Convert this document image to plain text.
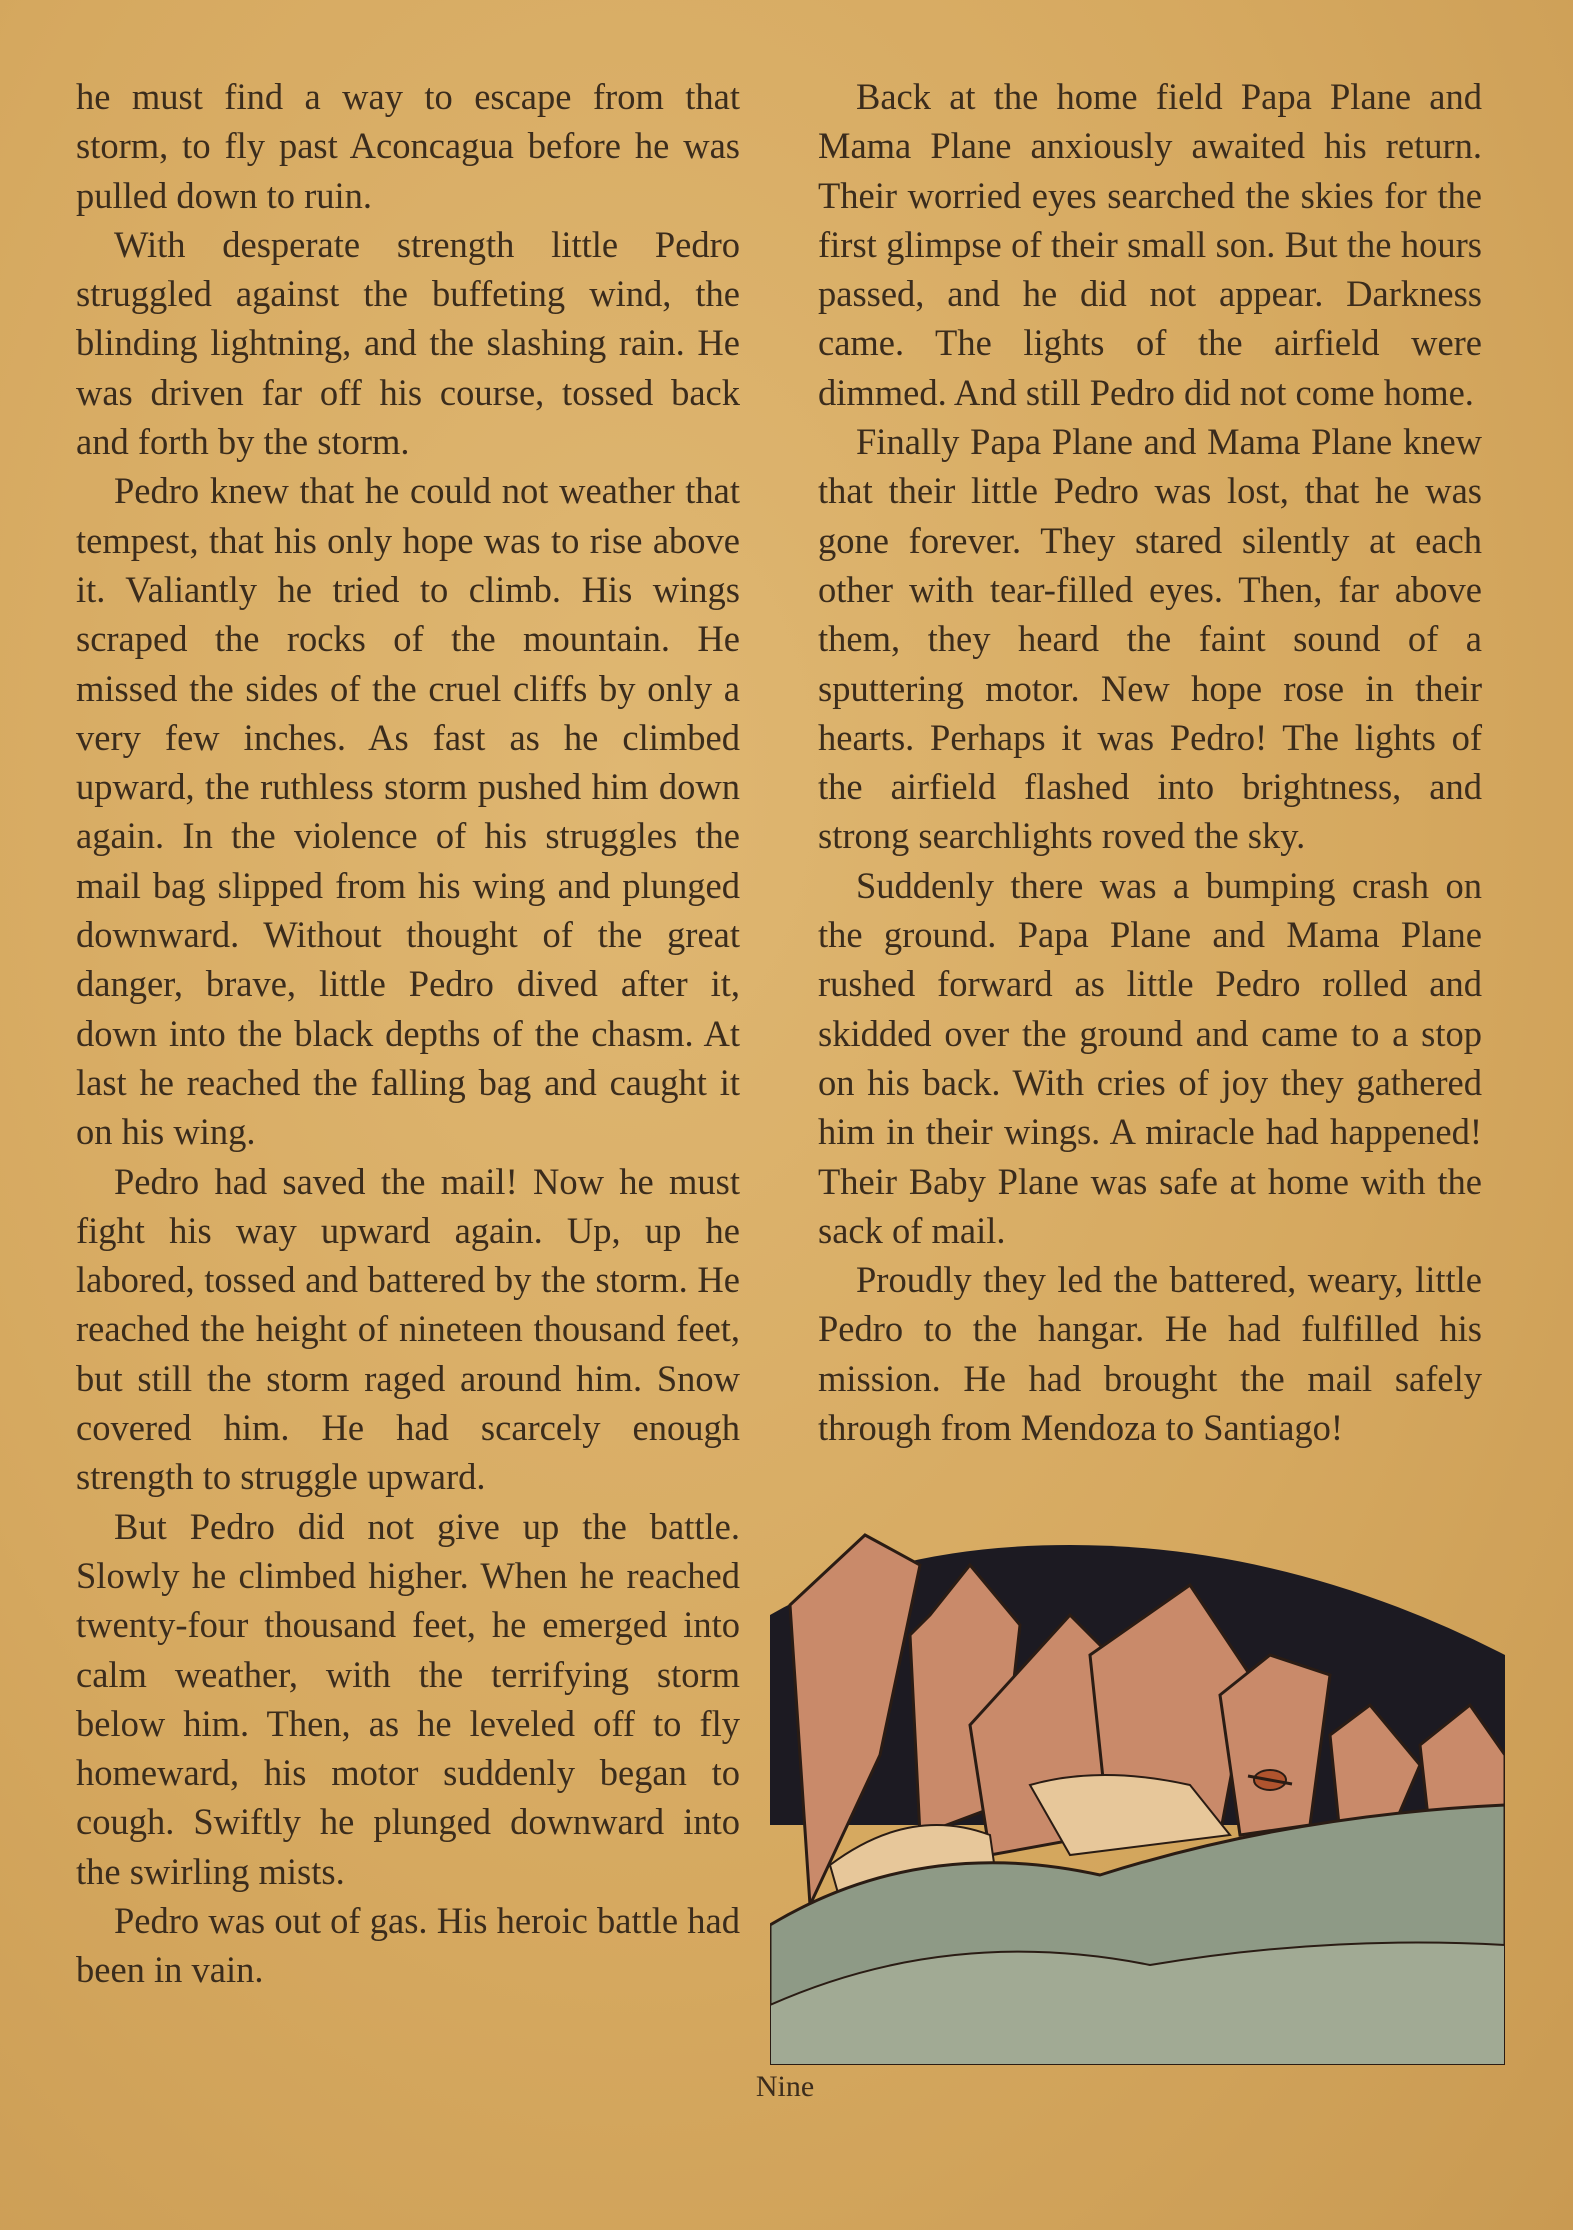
he must find a way to escape from that storm, to fly past Aconcagua before he was pulled down to ruin.

With desperate strength little Pedro struggled against the buffeting wind, the blinding lightning, and the slashing rain. He was driven far off his course, tossed back and forth by the storm.

Pedro knew that he could not weather that tempest, that his only hope was to rise above it. Valiantly he tried to climb. His wings scraped the rocks of the mountain. He missed the sides of the cruel cliffs by only a very few inches. As fast as he climbed upward, the ruthless storm pushed him down again. In the violence of his struggles the mail bag slipped from his wing and plunged downward. Without thought of the great danger, brave, little Pedro dived after it, down into the black depths of the chasm. At last he reached the falling bag and caught it on his wing.

Pedro had saved the mail! Now he must fight his way upward again. Up, up he labored, tossed and battered by the storm. He reached the height of nineteen thousand feet, but still the storm raged around him. Snow covered him. He had scarcely enough strength to struggle upward.

But Pedro did not give up the battle. Slowly he climbed higher. When he reached twenty-four thousand feet, he emerged into calm weather, with the terrifying storm below him. Then, as he leveled off to fly homeward, his motor suddenly began to cough. Swiftly he plunged downward into the swirling mists.

Pedro was out of gas. His heroic battle had been in vain.

Back at the home field Papa Plane and Mama Plane anxiously awaited his return. Their worried eyes searched the skies for the first glimpse of their small son. But the hours passed, and he did not appear. Darkness came. The lights of the airfield were dimmed. And still Pedro did not come home.

Finally Papa Plane and Mama Plane knew that their little Pedro was lost, that he was gone forever. They stared silently at each other with tear-filled eyes. Then, far above them, they heard the faint sound of a sputtering motor. New hope rose in their hearts. Perhaps it was Pedro! The lights of the airfield flashed into brightness, and strong searchlights roved the sky.

Suddenly there was a bumping crash on the ground. Papa Plane and Mama Plane rushed forward as little Pedro rolled and skidded over the ground and came to a stop on his back. With cries of joy they gathered him in their wings. A miracle had happened! Their Baby Plane was safe at home with the sack of mail.

Proudly they led the battered, weary, little Pedro to the hangar. He had fulfilled his mission. He had brought the mail safely through from Mendoza to Santiago!

Nine
